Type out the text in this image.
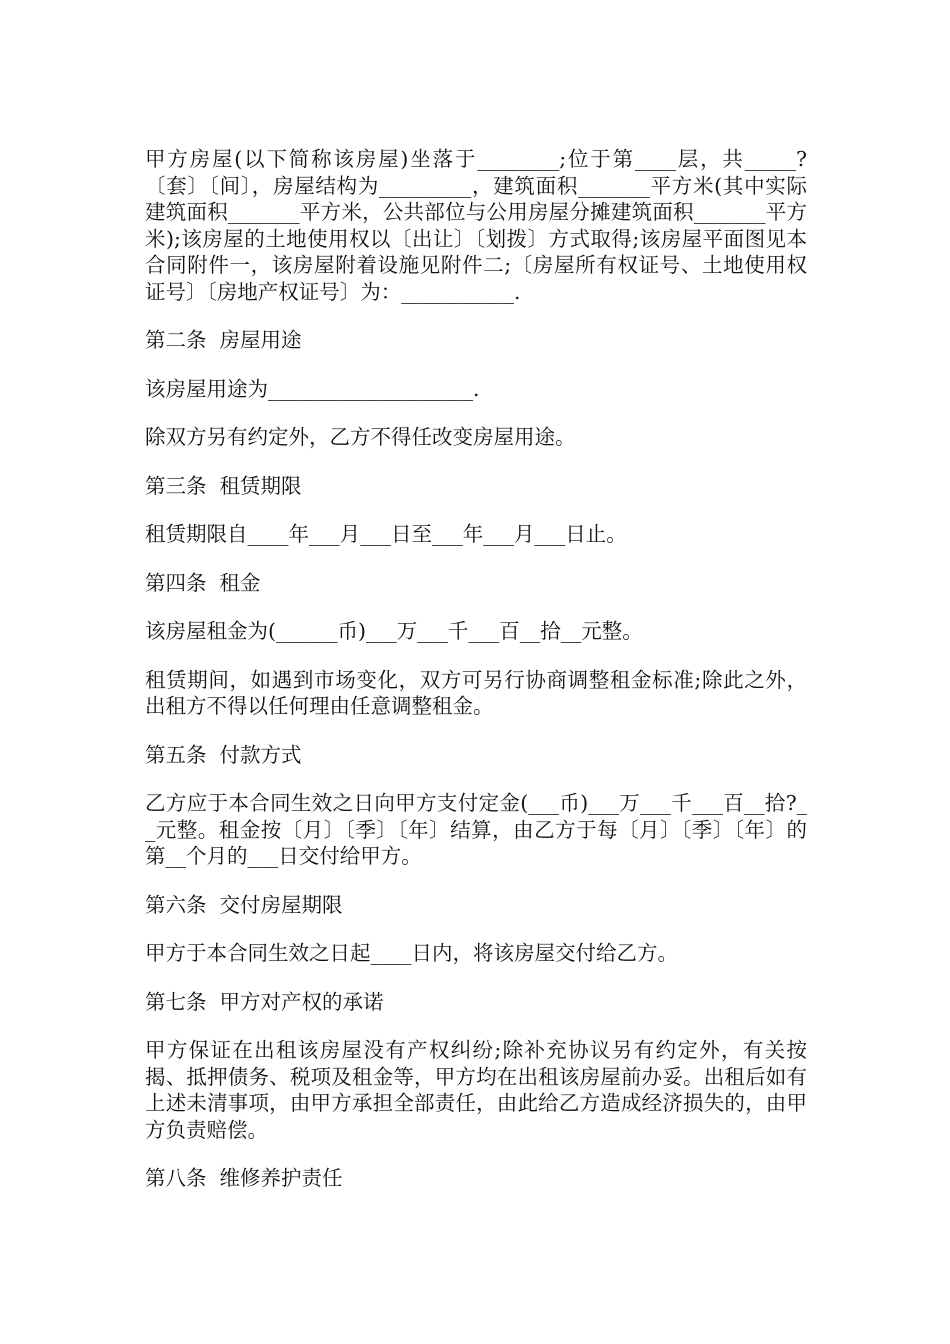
甲方房屋(以下简称该房屋)坐落于________;位于第____层，共_____?〔套〕〔间〕，房屋结构为_________，建筑面积_______平方米(其中实际建筑面积_______平方米，公共部位与公用房屋分摊建筑面积_______平方米);该房屋的土地使用权以〔出让〕〔划拨〕方式取得;该房屋平面图见本合同附件一，该房屋附着设施见附件二;〔房屋所有权证号、土地使用权证号〕〔房地产权证号〕为：___________.

第二条  房屋用途

该房屋用途为____________________.

除双方另有约定外，乙方不得任改变房屋用途。

第三条  租赁期限

租赁期限自____年___月___日至___年___月___日止。

第四条  租金

该房屋租金为(______币)___万___千___百__拾__元整。

租赁期间，如遇到市场变化，双方可另行协商调整租金标准;除此之外，出租方不得以任何理由任意调整租金。

第五条  付款方式

乙方应于本合同生效之日向甲方支付定金(___币)___万___千___百__拾?__元整。租金按〔月〕〔季〕〔年〕结算，由乙方于每〔月〕〔季〕〔年〕的第__个月的___日交付给甲方。

第六条  交付房屋期限

甲方于本合同生效之日起____日内，将该房屋交付给乙方。

第七条  甲方对产权的承诺

甲方保证在出租该房屋没有产权纠纷;除补充协议另有约定外，有关按揭、抵押债务、税项及租金等，甲方均在出租该房屋前办妥。出租后如有上述未清事项，由甲方承担全部责任，由此给乙方造成经济损失的，由甲方负责赔偿。

第八条  维修养护责任
